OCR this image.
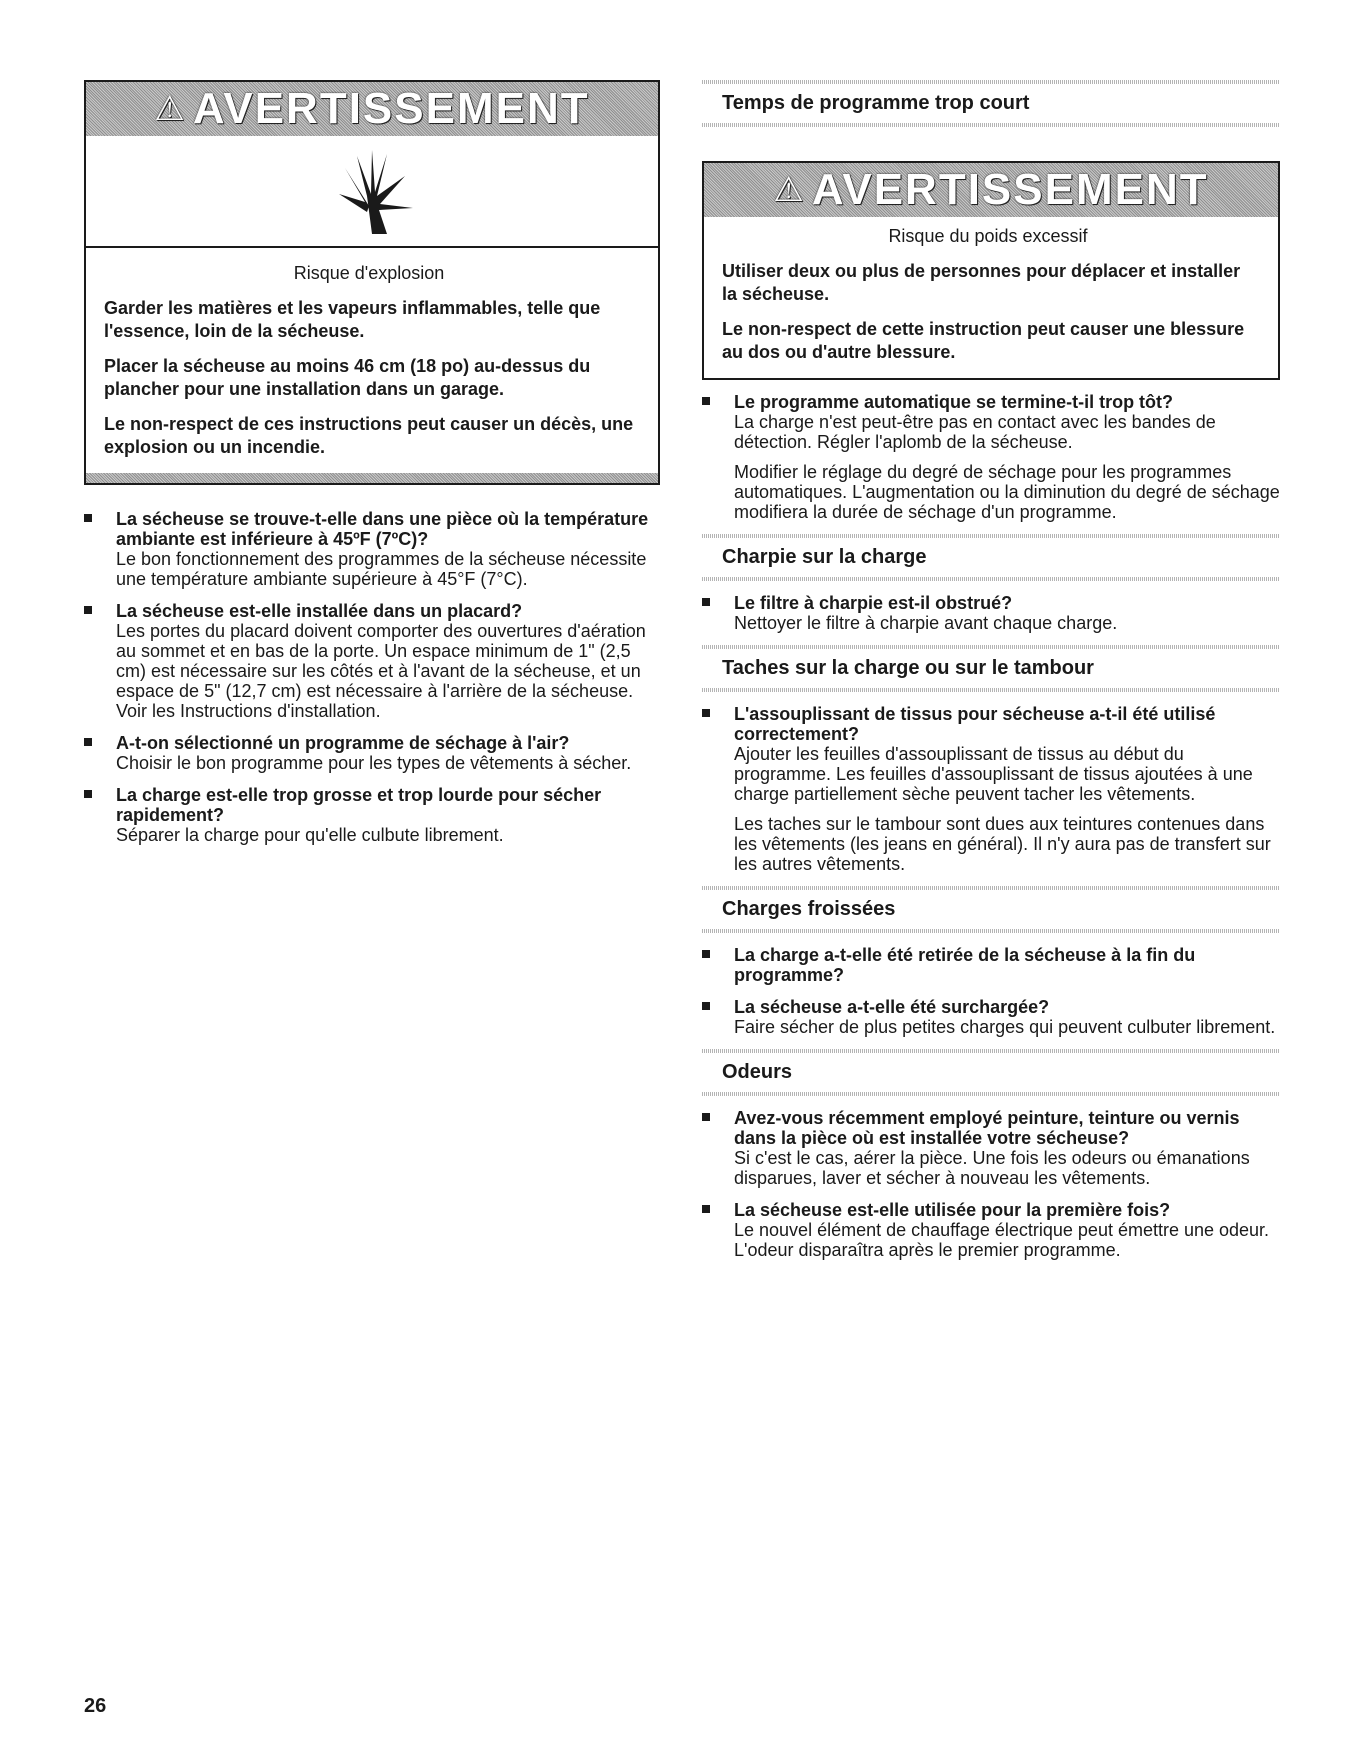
⚠ AVERTISSEMENT
Risque d'explosion

Garder les matières et les vapeurs inflammables, telle que l'essence, loin de la sécheuse.

Placer la sécheuse au moins 46 cm (18 po) au-dessus du plancher pour une installation dans un garage.

Le non-respect de ces instructions peut causer un décès, une explosion ou un incendie.

La sécheuse se trouve-t-elle dans une pièce où la température ambiante est inférieure à 45ºF (7ºC)?
Le bon fonctionnement des programmes de la sécheuse nécessite une température ambiante supérieure à 45°F (7°C).
La sécheuse est-elle installée dans un placard?
Les portes du placard doivent comporter des ouvertures d'aération au sommet et en bas de la porte. Un espace minimum de 1" (2,5 cm) est nécessaire sur les côtés et à l'avant de la sécheuse, et un espace de 5" (12,7 cm) est nécessaire à l'arrière de la sécheuse. Voir les Instructions d'installation.
A-t-on sélectionné un programme de séchage à l'air?
Choisir le bon programme pour les types de vêtements à sécher.
La charge est-elle trop grosse et trop lourde pour sécher rapidement?
Séparer la charge pour qu'elle culbute librement.
Temps de programme trop court
⚠ AVERTISSEMENT
Risque du poids excessif

Utiliser deux ou plus de personnes pour déplacer et installer la sécheuse.

Le non-respect de cette instruction peut causer une blessure au dos ou d'autre blessure.

Le programme automatique se termine-t-il trop tôt?
La charge n'est peut-être pas en contact avec les bandes de détection. Régler l'aplomb de la sécheuse.
Modifier le réglage du degré de séchage pour les programmes automatiques. L'augmentation ou la diminution du degré de séchage modifiera la durée de séchage d'un programme.
Charpie sur la charge
Le filtre à charpie est-il obstrué?
Nettoyer le filtre à charpie avant chaque charge.
Taches sur la charge ou sur le tambour
L'assouplissant de tissus pour sécheuse a-t-il été utilisé correctement?
Ajouter les feuilles d'assouplissant de tissus au début du programme. Les feuilles d'assouplissant de tissus ajoutées à une charge partiellement sèche peuvent tacher les vêtements.
Les taches sur le tambour sont dues aux teintures contenues dans les vêtements (les jeans en général). Il n'y aura pas de transfert sur les autres vêtements.
Charges froissées
La charge a-t-elle été retirée de la sécheuse à la fin du programme?
La sécheuse a-t-elle été surchargée?
Faire sécher de plus petites charges qui peuvent culbuter librement.
Odeurs
Avez-vous récemment employé peinture, teinture ou vernis dans la pièce où est installée votre sécheuse?
Si c'est le cas, aérer la pièce. Une fois les odeurs ou émanations disparues, laver et sécher à nouveau les vêtements.
La sécheuse est-elle utilisée pour la première fois?
Le nouvel élément de chauffage électrique peut émettre une odeur. L'odeur disparaîtra après le premier programme.
26
